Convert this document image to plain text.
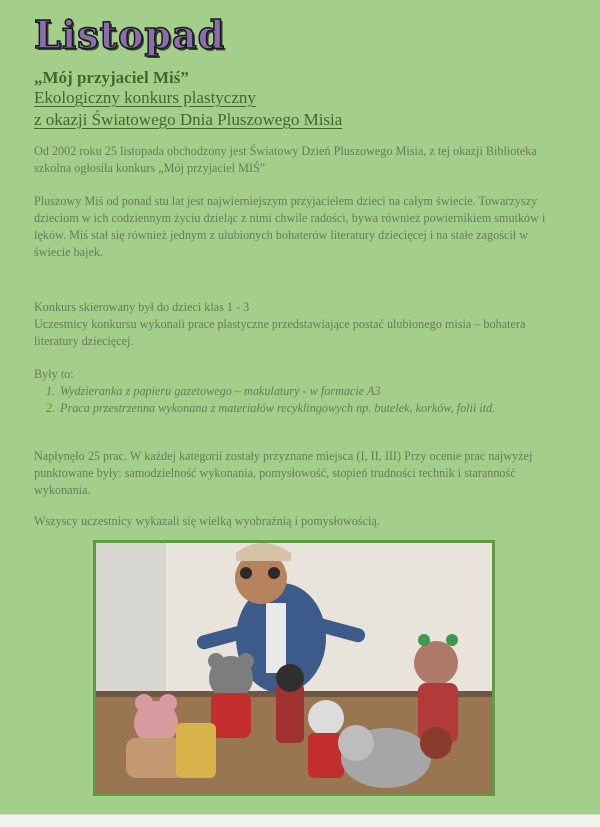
Listopad
„Mój przyjaciel Miś”
Ekologiczny konkurs plastyczny
z okazji Światowego Dnia Pluszowego Misia
Od 2002 roku 25 listopada obchodzony jest Światowy Dzień Pluszowego Misia, z tej okazji Biblioteka szkolna ogłosiła konkurs „Mój przyjaciel MIŚ”
Pluszowy Miś od ponad stu lat jest najwierniejszym przyjacielem dzieci na całym świecie. Towarzyszy dzieciom w ich codziennym życiu dzieląc z nimi chwile radości, bywa również powiernikiem smutków i lęków. Miś stał się również jednym z ulubionych bohaterów literatury dziecięcej i na stałe zagościł w świecie bajek.
Konkurs skierowany był do dzieci klas 1 - 3
Uczestnicy konkursu wykonali prace plastyczne przedstawiające postać ulubionego misia – bohatera literatury dziecięcej.
Były to:
1. Wydzieranka z papieru gazetowego – makulatury - w formacie A3
2. Praca przestrzenna wykonana z materiałów recyklingowych np. butelek, korków, folii itd.
Napłynęło 25 prac. W każdej kategorii zostały przyznane miejsca (I, II, III) Przy ocenie prac najwyżej punktowane były: samodzielność wykonania, pomysłowość, stopień trudności technik i staranność wykonania.
Wszyscy uczestnicy wykazali się wielką wyobraźnią i pomysłowością.
